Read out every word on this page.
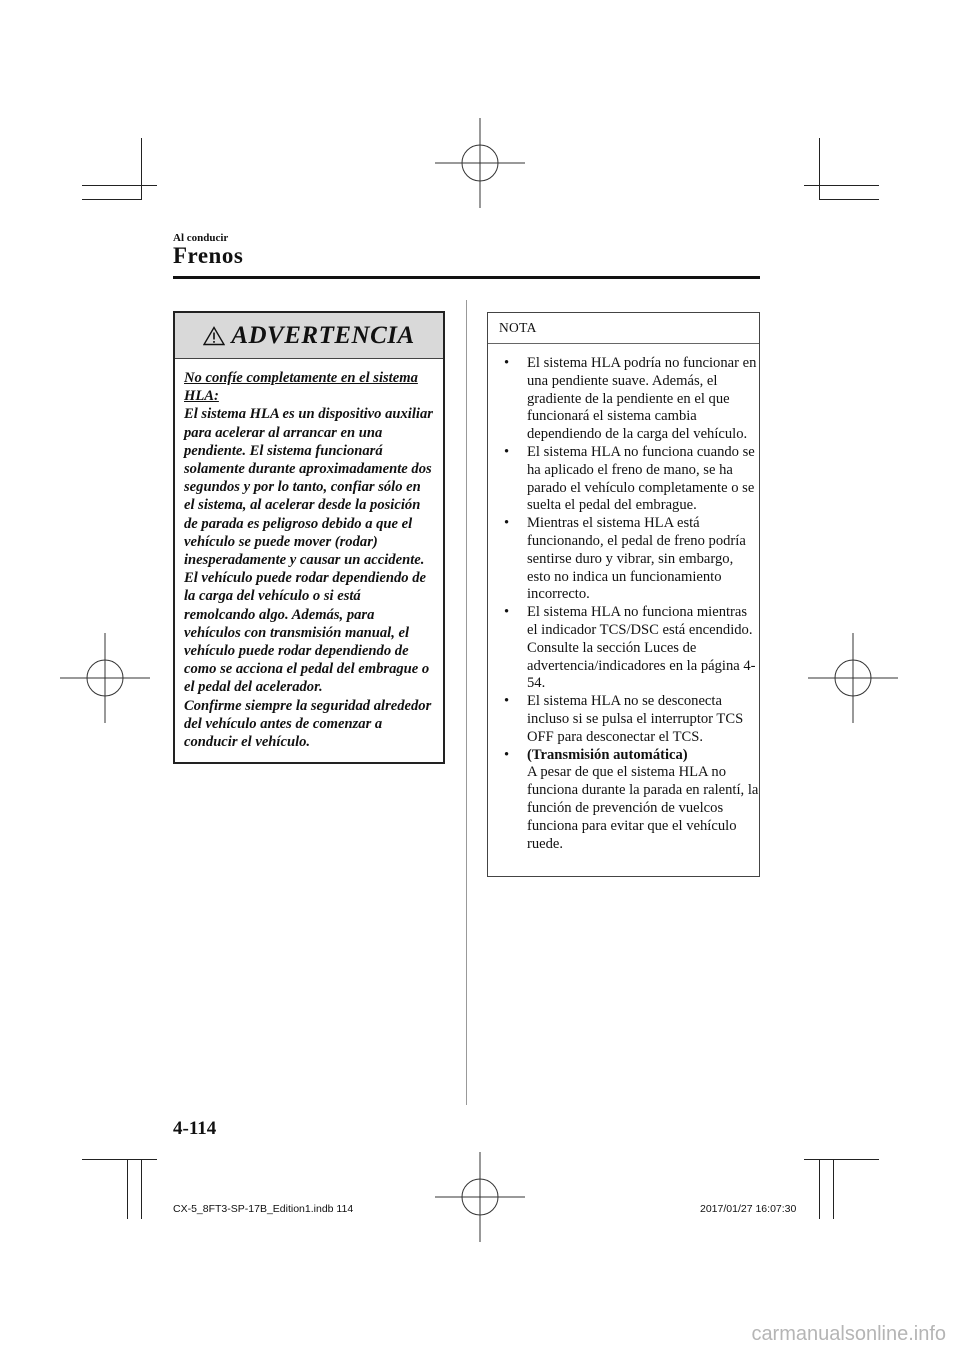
Al conducir
Frenos
ADVERTENCIA
No confíe completamente en el sistema HLA:

El sistema HLA es un dispositivo auxiliar para acelerar al arrancar en una pendiente. El sistema funcionará solamente durante aproximadamente dos segundos y por lo tanto, confiar sólo en el sistema, al acelerar desde la posición de parada es peligroso debido a que el vehículo se puede mover (rodar) inesperadamente y causar un accidente.

El vehículo puede rodar dependiendo de la carga del vehículo o si está remolcando algo. Además, para vehículos con transmisión manual, el vehículo puede rodar dependiendo de como se acciona el pedal del embrague o el pedal del acelerador.

Confirme siempre la seguridad alrededor del vehículo antes de comenzar a conducir el vehículo.

NOTA
• El sistema HLA podría no funcionar en una pendiente suave. Además, el gradiente de la pendiente en el que funcionará el sistema cambia dependiendo de la carga del vehículo.
• El sistema HLA no funciona cuando se ha aplicado el freno de mano, se ha parado el vehículo completamente o se suelta el pedal del embrague.
• Mientras el sistema HLA está funcionando, el pedal de freno podría sentirse duro y vibrar, sin embargo, esto no indica un funcionamiento incorrecto.
• El sistema HLA no funciona mientras el indicador TCS/DSC está encendido.
Consulte la sección Luces de advertencia/indicadores en la página 4-54.
• El sistema HLA no se desconecta incluso si se pulsa el interruptor TCS OFF para desconectar el TCS.
• (Transmisión automática)
A pesar de que el sistema HLA no funciona durante la parada en ralentí, la función de prevención de vuelcos funciona para evitar que el vehículo ruede.
4-114
CX-5_8FT3-SP-17B_Edition1.indb 114	2017/01/27 16:07:30
carmanualsonline.info
